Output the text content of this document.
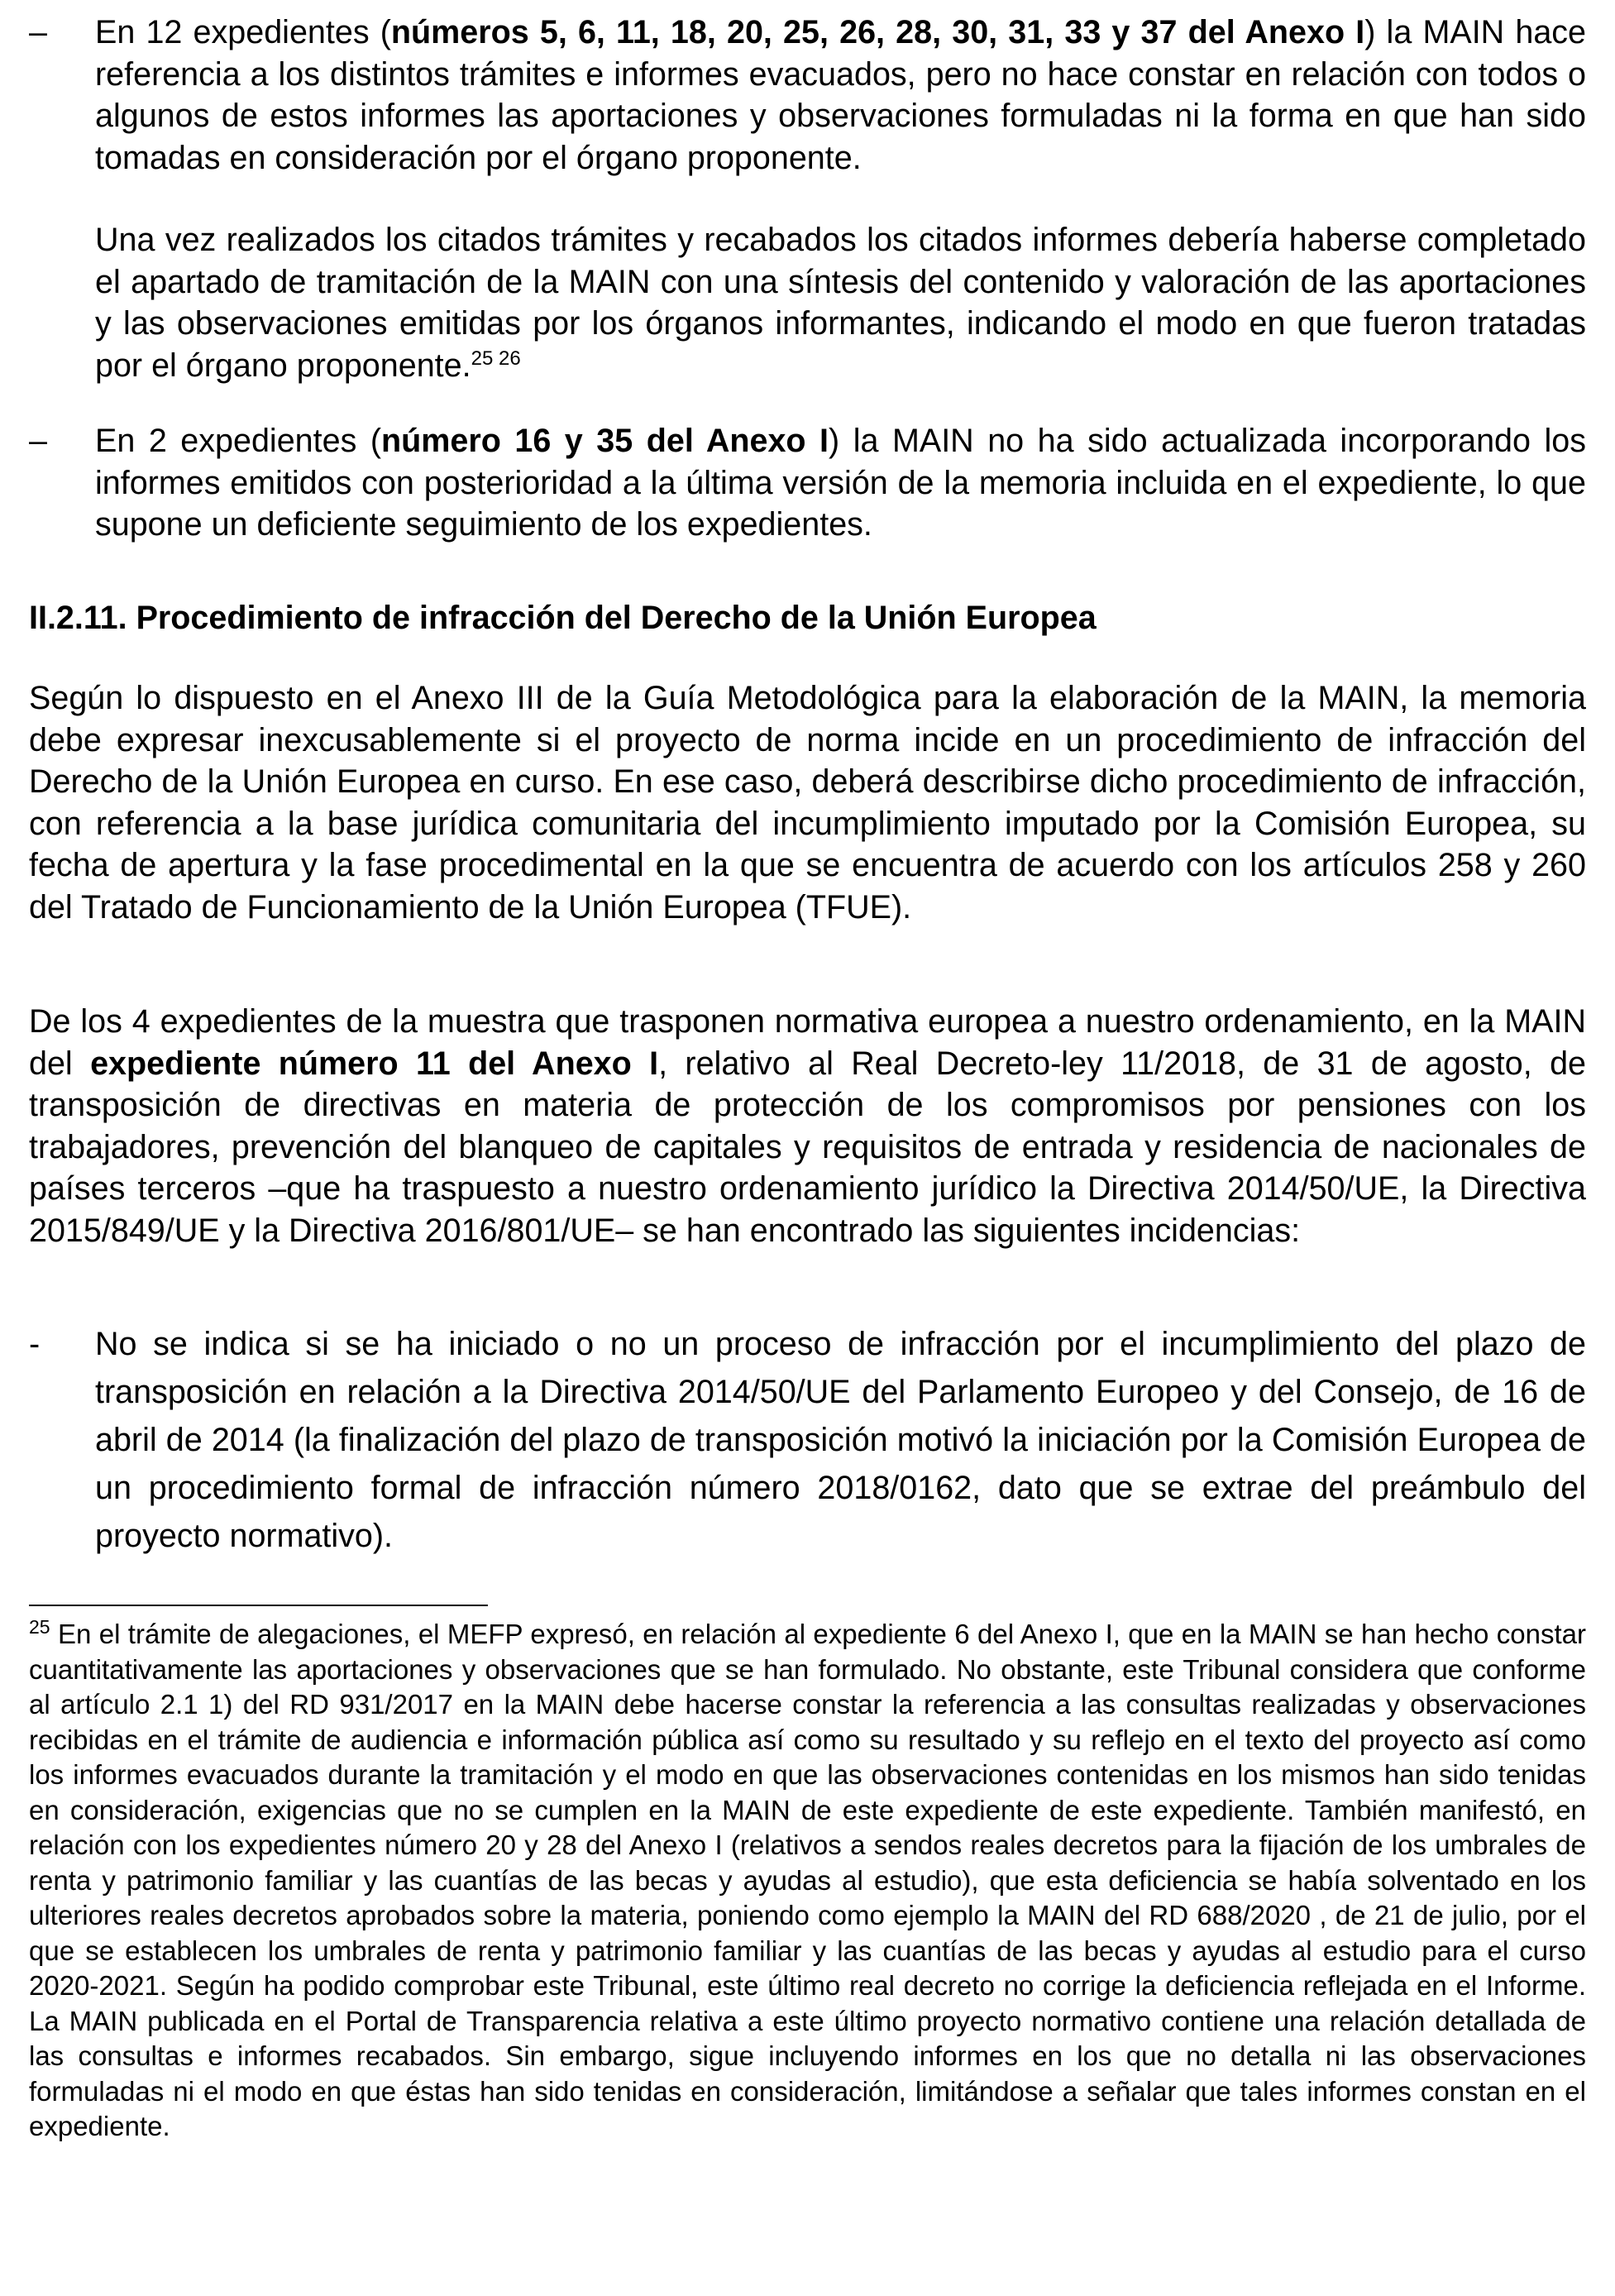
–	En 12 expedientes (números 5, 6, 11, 18, 20, 25, 26, 28, 30, 31, 33 y 37 del Anexo I) la MAIN hace referencia a los distintos trámites e informes evacuados, pero no hace constar en relación con todos o algunos de estos informes las aportaciones y observaciones formuladas ni la forma en que han sido tomadas en consideración por el órgano proponente.
Una vez realizados los citados trámites y recabados los citados informes debería haberse completado el apartado de tramitación de la MAIN con una síntesis del contenido y valoración de las aportaciones y las observaciones emitidas por los órganos informantes, indicando el modo en que fueron tratadas por el órgano proponente.$^{25 26}$
–	En 2 expedientes (número 16 y 35 del Anexo I) la MAIN no ha sido actualizada incorporando los informes emitidos con posterioridad a la última versión de la memoria incluida en el expediente, lo que supone un deficiente seguimiento de los expedientes.
II.2.11. Procedimiento de infracción del Derecho de la Unión Europea
Según lo dispuesto en el Anexo III de la Guía Metodológica para la elaboración de la MAIN, la memoria debe expresar inexcusablemente si el proyecto de norma incide en un procedimiento de infracción del Derecho de la Unión Europea en curso. En ese caso, deberá describirse dicho procedimiento de infracción, con referencia a la base jurídica comunitaria del incumplimiento imputado por la Comisión Europea, su fecha de apertura y la fase procedimental en la que se encuentra de acuerdo con los artículos 258 y 260 del Tratado de Funcionamiento de la Unión Europea (TFUE).
De los 4 expedientes de la muestra que trasponen normativa europea a nuestro ordenamiento, en la MAIN del expediente número 11 del Anexo I, relativo al Real Decreto-ley 11/2018, de 31 de agosto, de transposición de directivas en materia de protección de los compromisos por pensiones con los trabajadores, prevención del blanqueo de capitales y requisitos de entrada y residencia de nacionales de países terceros –que ha traspuesto a nuestro ordenamiento jurídico la Directiva 2014/50/UE, la Directiva 2015/849/UE y la Directiva 2016/801/UE– se han encontrado las siguientes incidencias:
-	No se indica si se ha iniciado o no un proceso de infracción por el incumplimiento del plazo de transposición en relación a la Directiva 2014/50/UE del Parlamento Europeo y del Consejo, de 16 de abril de 2014 (la finalización del plazo de transposición motivó la iniciación por la Comisión Europea de un procedimiento formal de infracción número 2018/0162, dato que se extrae del preámbulo del proyecto normativo).
$^{25}$ En el trámite de alegaciones, el MEFP expresó, en relación al expediente 6 del Anexo I, que en la MAIN se han hecho constar cuantitativamente las aportaciones y observaciones que se han formulado. No obstante, este Tribunal considera que conforme al artículo 2.1 1) del RD 931/2017 en la MAIN debe hacerse constar la referencia a las consultas realizadas y observaciones recibidas en el trámite de audiencia e información pública así como su resultado y su reflejo en el texto del proyecto así como los informes evacuados durante la tramitación y el modo en que las observaciones contenidas en los mismos han sido tenidas en consideración, exigencias que no se cumplen en la MAIN de este expediente de este expediente. También manifestó, en relación con los expedientes número 20 y 28 del Anexo I (relativos a sendos reales decretos para la fijación de los umbrales de renta y patrimonio familiar y las cuantías de las becas y ayudas al estudio), que esta deficiencia se había solventado en los ulteriores reales decretos aprobados sobre la materia, poniendo como ejemplo la MAIN del RD 688/2020 , de 21 de julio, por el que se establecen los umbrales de renta y patrimonio familiar y las cuantías de las becas y ayudas al estudio para el curso 2020-2021. Según ha podido comprobar este Tribunal, este último real decreto no corrige la deficiencia reflejada en el Informe. La MAIN publicada en el Portal de Transparencia relativa a este último proyecto normativo contiene una relación detallada de las consultas e informes recabados. Sin embargo, sigue incluyendo informes en los que no detalla ni las observaciones formuladas ni el modo en que éstas han sido tenidas en consideración, limitándose a señalar que tales informes constan en el expediente.
